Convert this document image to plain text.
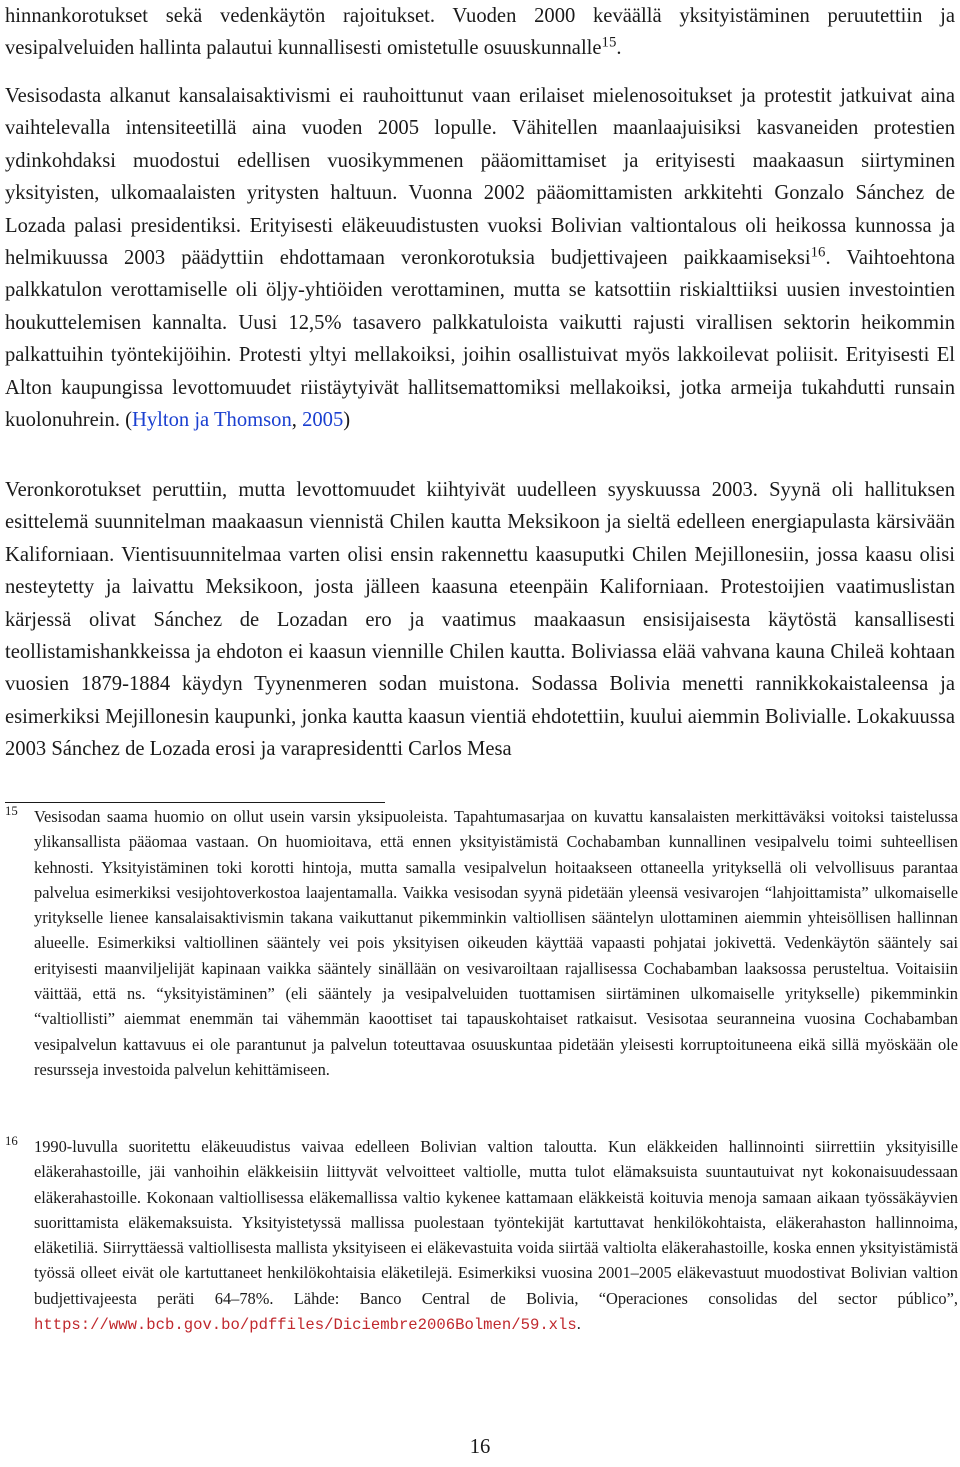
hinnankorotukset sekä vedenkäytön rajoitukset. Vuoden 2000 keväällä yksityistäminen peruutettiin ja vesipalveluiden hallinta palautui kunnallisesti omistetulle osuuskunnalle$^{15}$.

Vesisodasta alkanut kansalaisaktivismi ei rauhoittunut vaan erilaiset mielenosoitukset ja protestit jatkuivat aina vaihtelevalla intensiteetillä aina vuoden 2005 lopulle. Vähitellen maanlaajuisiksi kasvaneiden protestien ydinkohdaksi muodostui edellisen vuosikymmenen pääomittamiset ja erityisesti maakaasun siirtyminen yksityisten, ulkomaalaisten yritysten haltuun. Vuonna 2002 pääomittamisten arkkitehti Gonzalo Sánchez de Lozada palasi presidentiksi. Erityisesti eläkeuudistusten vuoksi Bolivian valtiontalous oli heikossa kunnossa ja helmikuussa 2003 päädyttiin ehdottamaan veronkorotuksia budjettivajeen paikkaamiseksi$^{16}$. Vaihtoehtona palkkatulon verottamiselle oli öljy-yhtiöiden verottaminen, mutta se katsottiin riskialttiiksi uusien investointien houkuttelemisen kannalta. Uusi 12,5% tasavero palkkatuloista vaikutti rajusti virallisen sektorin heikommin palkattuihin työntekijöihin. Protesti yltyi mellakoiksi, joihin osallistuivat myös lakkoilevat poliisit. Erityisesti El Alton kaupungissa levottomuudet riistäytyivät hallitsemattomiksi mellakoiksi, jotka armeija tukahdutti runsain kuolonuhrein. (Hylton ja Thomson, 2005)

Veronkorotukset peruttiin, mutta levottomuudet kiihtyivät uudelleen syyskuussa 2003. Syynä oli hallituksen esittelemä suunnitelman maakaasun viennistä Chilen kautta Meksikoon ja sieltä edelleen energiapulasta kärsivään Kaliforniaan. Vientisuunnitelmaa varten olisi ensin rakennettu kaasuputki Chilen Mejillonesiin, jossa kaasu olisi nesteytetty ja laivattu Meksikoon, josta jälleen kaasuna eteenpäin Kaliforniaan. Protestoijien vaatimuslistan kärjessä olivat Sánchez de Lozadan ero ja vaatimus maakaasun ensisijaisesta käytöstä kansallisesti teollistamishankkeissa ja ehdoton ei kaasun viennille Chilen kautta. Boliviassa elää vahvana kauna Chileä kohtaan vuosien 1879-1884 käydyn Tyynenmeren sodan muistona. Sodassa Bolivia menetti rannikkokaistaleensa ja esimerkiksi Mejillonesin kaupunki, jonka kautta kaasun vientiä ehdotettiin, kuului aiemmin Bolivialle. Lokakuussa 2003 Sánchez de Lozada erosi ja varapresidentti Carlos Mesa

15 Vesisodan saama huomio on ollut usein varsin yksipuoleista. Tapahtumasarjaa on kuvattu kansalaisten merkittäväksi voitoksi taistelussa ylikansallista pääomaa vastaan. On huomioitava, että ennen yksityistämistä Cochabamban kunnallinen vesipalvelu toimi suhteellisen kehnosti. Yksityistäminen toki korotti hintoja, mutta samalla vesipalvelun hoitaakseen ottaneella yrityksellä oli velvollisuus parantaa palvelua esimerkiksi vesijohtoverkostoa laajentamalla. Vaikka vesisodan syynä pidetään yleensä vesivarojen “lahjoittamista” ulkomaiselle yritykselle lienee kansalaisaktivismin takana vaikuttanut pikemminkin valtiollisen sääntelyn ulottaminen aiemmin yhteisöllisen hallinnan alueelle. Esimerkiksi valtiollinen sääntely vei pois yksityisen oikeuden käyttää vapaasti pohjatai jokivettä. Vedenkäytön sääntely sai erityisesti maanviljelijät kapinaan vaikka sääntely sinällään on vesivaroiltaan rajallisessa Cochabamban laaksossa perusteltua. Voitaisiin väittää, että ns. “yksityistäminen” (eli sääntely ja vesipalveluiden tuottamisen siirtäminen ulkomaiselle yritykselle) pikemminkin “valtiollisti” aiemmat enemmän tai vähemmän kaoottiset tai tapauskohtaiset ratkaisut. Vesisotaa seuranneina vuosina Cochabamban vesipalvelun kattavuus ei ole parantunut ja palvelun toteuttavaa osuuskuntaa pidetään yleisesti korruptoituneena eikä sillä myöskään ole resursseja investoida palvelun kehittämiseen.

16 1990-luvulla suoritettu eläkeuudistus vaivaa edelleen Bolivian valtion taloutta. Kun eläkkeiden hallinnointi siirrettiin yksityisille eläkerahastoille, jäi vanhoihin eläkkeisiin liittyvät velvoitteet valtiolle, mutta tulot elämaksuista suuntautuivat nyt kokonaisuudessaan eläkerahastoille. Kokonaan valtiollisessa eläkemallissa valtio kykenee kattamaan eläkkeistä koituvia menoja samaan aikaan työssäkäyvien suorittamista eläkemaksuista. Yksityistetyssä mallissa puolestaan työntekijät kartuttavat henkilökohtaista, eläkerahaston hallinnoima, eläketiliä. Siirryttäessä valtiollisesta mallista yksityiseen ei eläkevastuita voida siirtää valtiolta eläkerahastoille, koska ennen yksityistämistä työssä olleet eivät ole kartuttaneet henkilökohtaisia eläketilejä. Esimerkiksi vuosina 2001–2005 eläkevastuut muodostivat Bolivian valtion budjettivajeesta peräti 64–78%. Lähde: Banco Central de Bolivia, “Operaciones consolidas del sector público”, https://www.bcb.gov.bo/pdffiles/Diciembre2006Bolmen/59.xls.

16
